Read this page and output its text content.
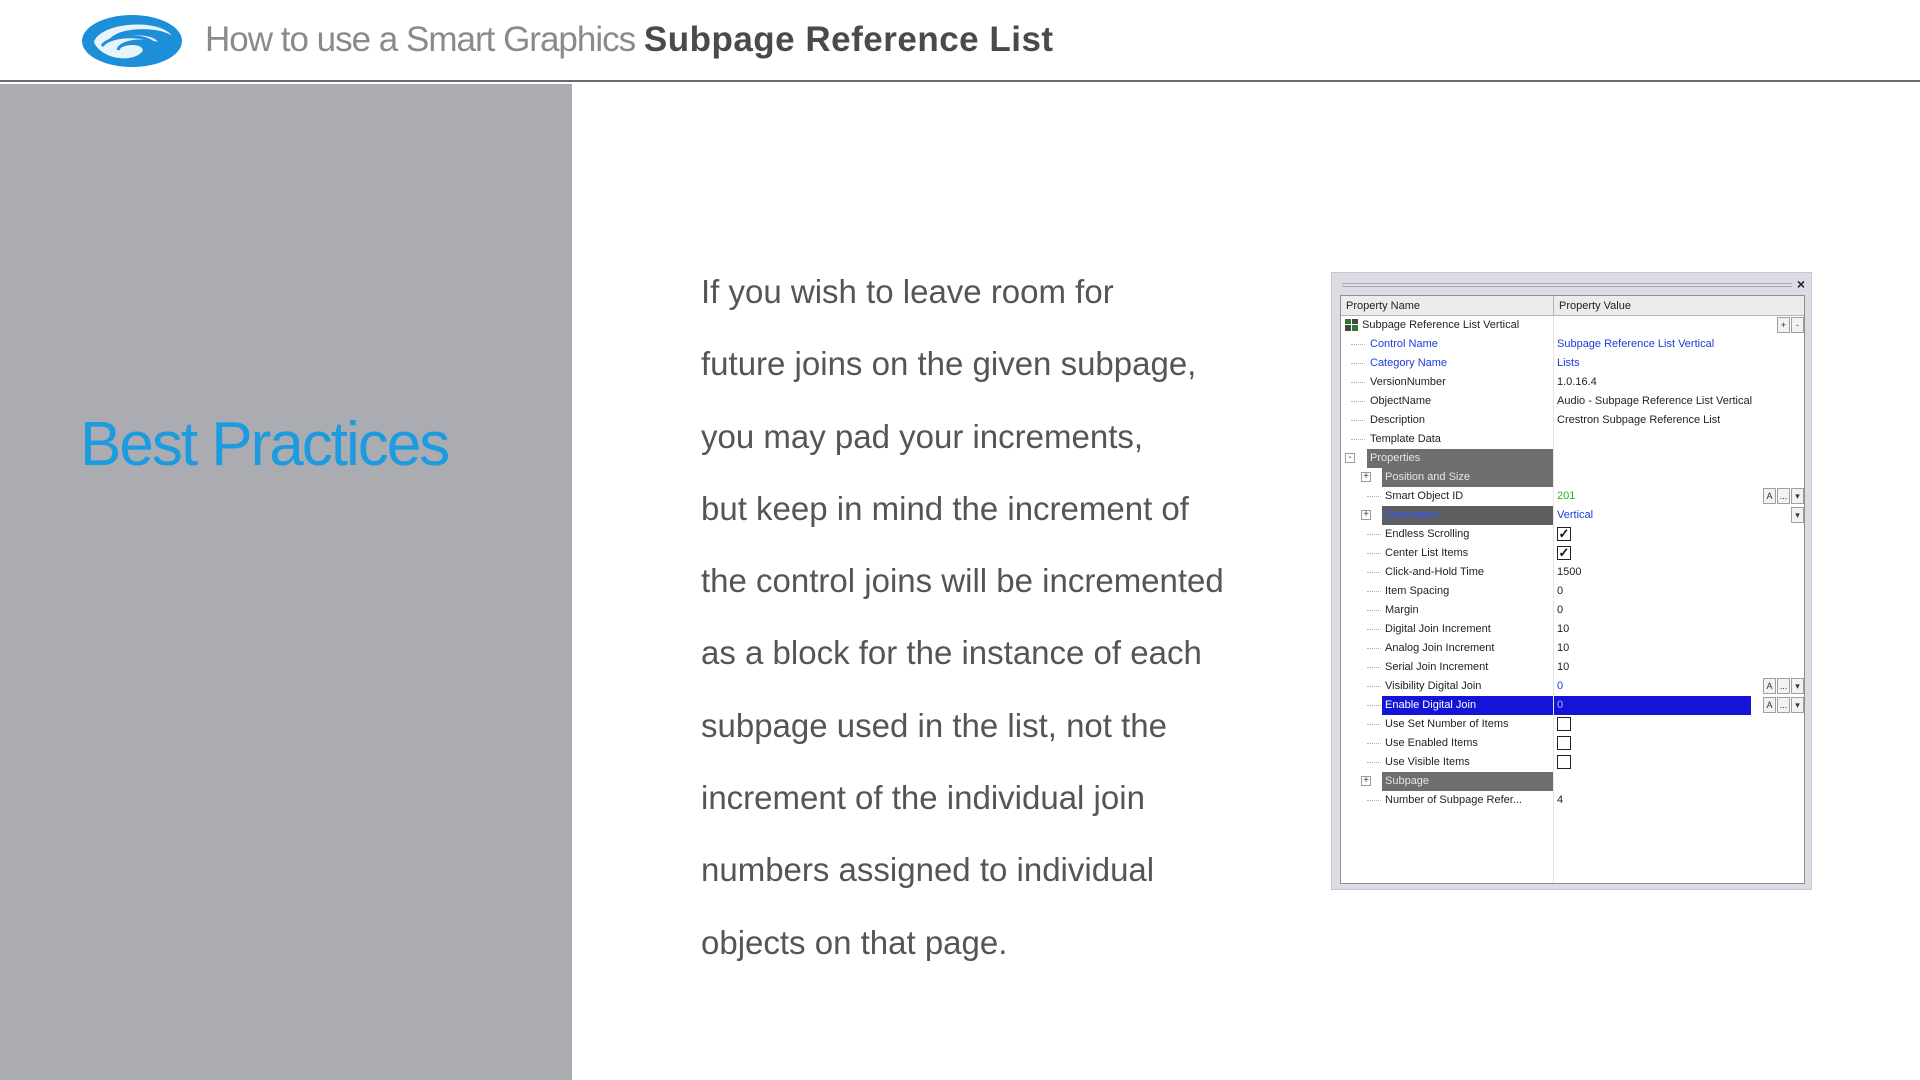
How to use a Smart Graphics Subpage Reference List
Best Practices
If you wish to leave room for
future joins on the given subpage,
you may pad your increments,
but keep in mind the increment of
the control joins will be incremented
as a block for the instance of each
subpage used in the list, not the
increment of the individual join
numbers assigned to individual
objects on that page.
×
Property Name	Property Value
Subpage Reference List Vertical	+	-
Control Name	Subpage Reference List Vertical
Category Name	Lists
VersionNumber	1.0.16.4
ObjectName	Audio - Subpage Reference List Vertical
Description	Crestron Subpage Reference List
Template Data
-	Properties
+ Position and Size
Smart Object ID	201	A ... ▾
+ Orientation	Vertical	▾
Endless Scrolling	✓
Center List Items	✓
Click-and-Hold Time	1500
Item Spacing	0
Margin	0
Digital Join Increment	10
Analog Join Increment	10
Serial Join Increment	10
Visibility Digital Join	0	A ... ▾
Enable Digital Join	0	A ... ▾
Use Set Number of Items
Use Enabled Items
Use Visible Items
+ Subpage
Number of Subpage Refer...	4
